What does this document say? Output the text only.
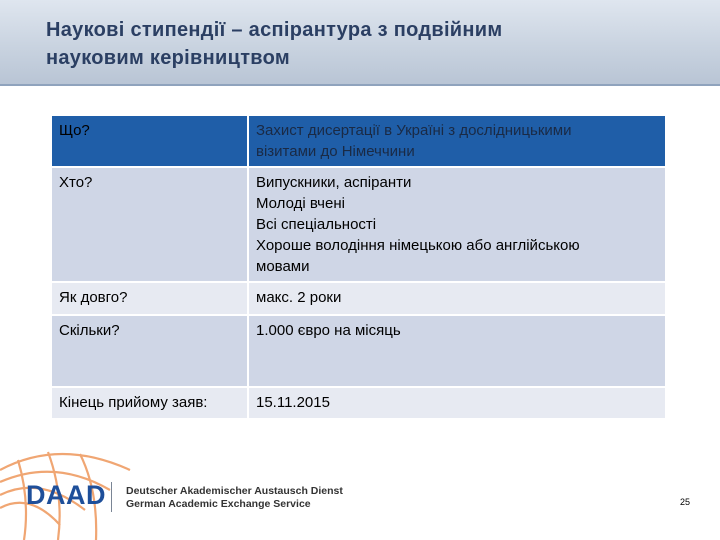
Наукові стипендії – аспірантура з подвійним
науковим керівництвом
Що?	Захист дисертації в Україні з дослідницькими
візитами до Німеччини

Хто?	Випускники, аспіранти
Молоді вчені
Всі спеціальності
Хороше володіння німецькою або англійською
мовами

Як довго?	макс. 2 роки

Скільки?	1.000 євро на місяць

Кінець прийому заяв:	15.11.2015
DAAD Deutscher Akademischer Austausch Dienst
German Academic Exchange Service	25
